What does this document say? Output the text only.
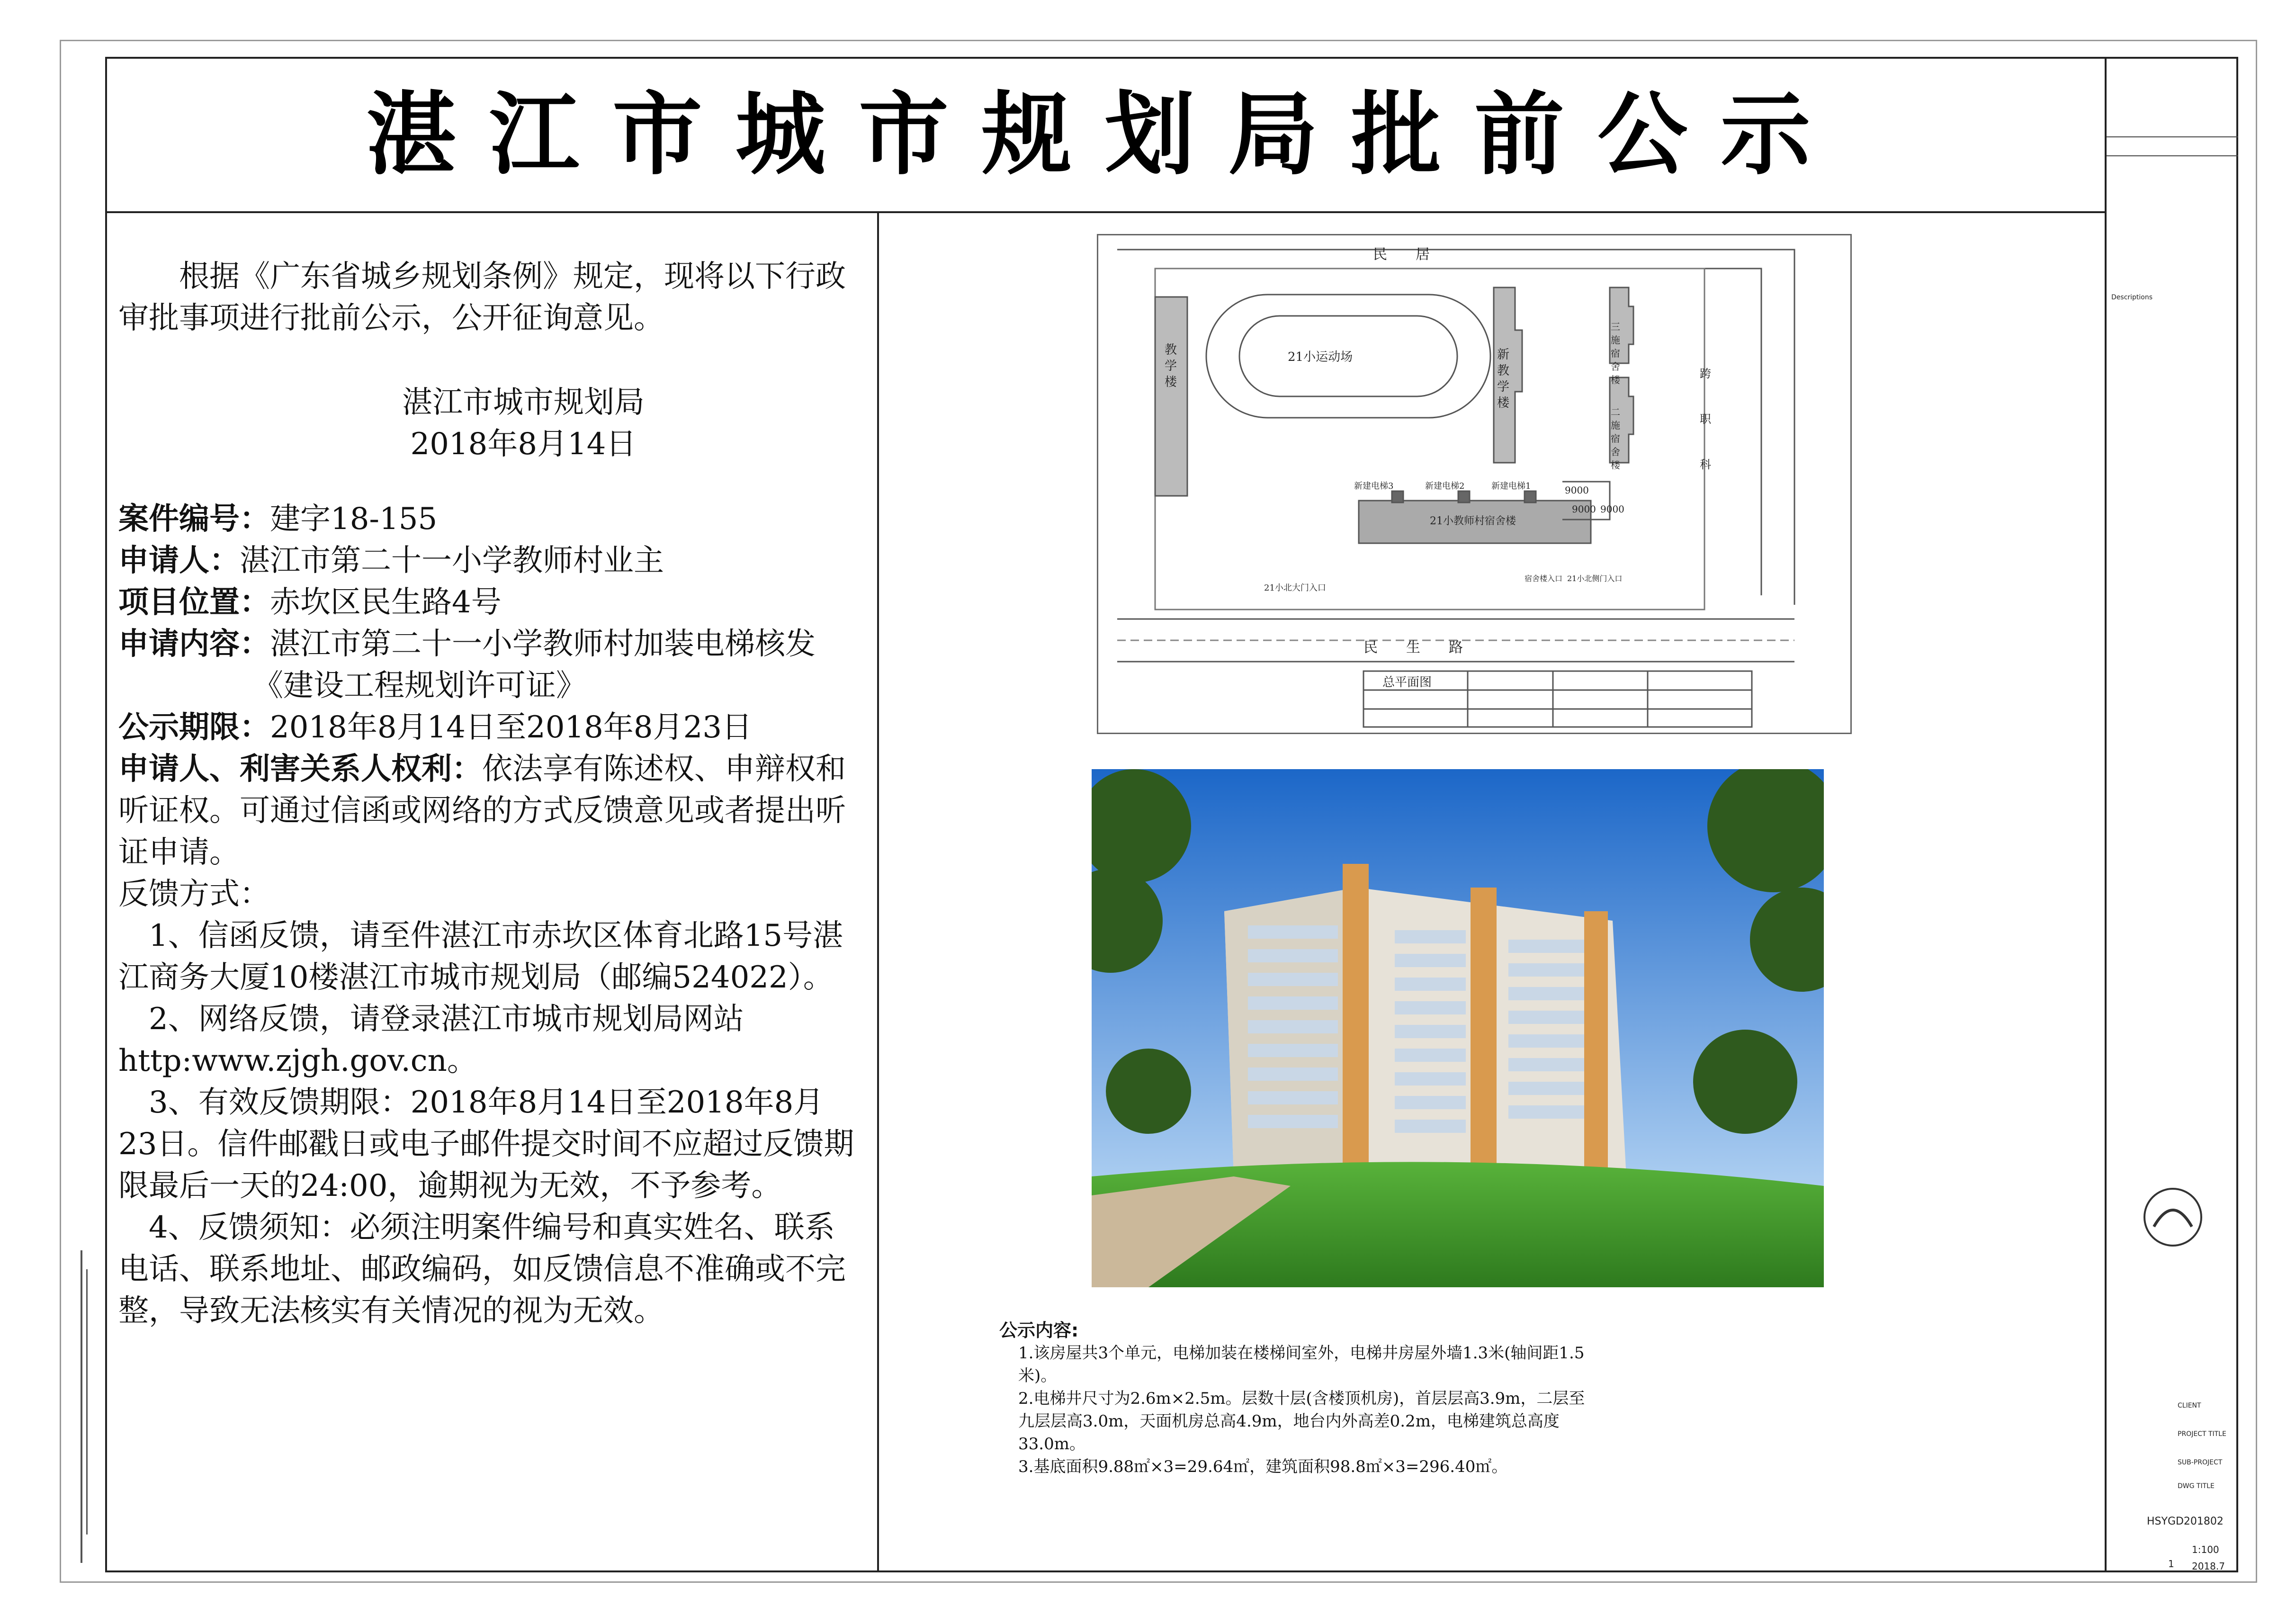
湛江市城市规划局批前公示

根据《广东省城乡规划条例》规定，现将以下行政审批事项进行批前公示，公开征询意见。

湛江市城市规划局

2018年8月14日

案件编号：建字18-155

申请人：湛江市第二十一小学教师村业主

项目位置：赤坎区民生路4号

申请内容：湛江市第二十一小学教师村加装电梯核发《建设工程规划许可证》

公示期限：2018年8月14日至2018年8月23日

申请人、利害关系人权利：依法享有陈述权、申辩权和听证权。可通过信函或网络的方式反馈意见或者提出听证申请。

反馈方式：

1、信函反馈，请至件湛江市赤坎区体育北路15号湛江商务大厦10楼湛江市城市规划局（邮编524022）。

2、网络反馈，请登录湛江市城市规划局网站http:www.zjgh.gov.cn。

3、有效反馈期限：2018年8月14日至2018年8月23日。信件邮戳日或电子邮件提交时间不应超过反馈期限最后一天的24:00，逾期视为无效，不予参考。

4、反馈须知：必须注明案件编号和真实姓名、联系电话、联系地址、邮政编码，如反馈信息不准确或不完整，导致无法核实有关情况的视为无效。

民　　居
民　　生　　路
21小运动场
21小教师村宿舍楼
新建电梯3	新建电梯2	新建电梯1
21小北大门入口
宿舍楼入口 21小北侧门入口
9000 9000
9000
总平面图
教学楼
新教学楼
三施宿舍楼
二施宿舍楼
跨　　职　　科

公示内容:

1.该房屋共3个单元，电梯加装在楼梯间室外，电梯井房屋外墙1.3米(轴间距1.5米)。

2.电梯井尺寸为2.6m×2.5m。层数十层(含楼顶机房)，首层层高3.9m，二层至九层层高3.0m，天面机房总高4.9m，地台内外高差0.2m，电梯建筑总高度33.0m。

3.基底面积9.88㎡×3=29.64㎡，建筑面积98.8㎡×3=296.40㎡。

Descriptions
CLIENT
PROJECT TITLE
SUB-PROJECT
DWG TITLE
HSYGD201802
1:100
1 2018.7
